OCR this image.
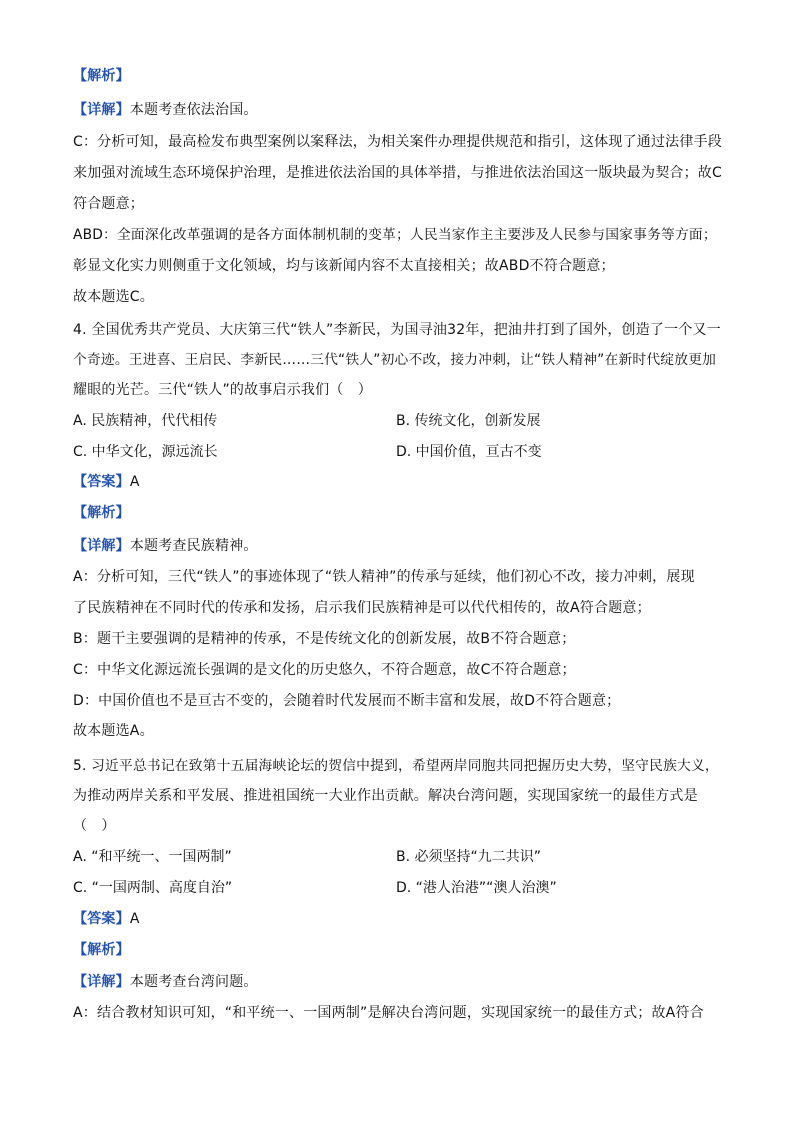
【解析】
【详解】本题考查依法治国。
C：分析可知，最高检发布典型案例以案释法，为相关案件办理提供规范和指引，这体现了通过法律手段
来加强对流域生态环境保护治理，是推进依法治国的具体举措，与推进依法治国这一版块最为契合；故C
符合题意；
ABD：全面深化改革强调的是各方面体制机制的变革；人民当家作主主要涉及人民参与国家事务等方面；
彰显文化实力则侧重于文化领域，均与该新闻内容不太直接相关；故ABD不符合题意；
故本题选C。
4. 全国优秀共产党员、大庆第三代“铁人”李新民，为国寻油32年，把油井打到了国外，创造了一个又一
个奇迹。王进喜、王启民、李新民……三代“铁人”初心不改，接力冲刺，让“铁人精神”在新时代绽放更加
耀眼的光芒。三代“铁人”的故事启示我们（　）
A. 民族精神，代代相传	B. 传统文化，创新发展
C. 中华文化，源远流长	D. 中国价值，亘古不变
【答案】A
【解析】
【详解】本题考查民族精神。
A：分析可知，三代“铁人”的事迹体现了“铁人精神”的传承与延续，他们初心不改，接力冲刺，展现
了民族精神在不同时代的传承和发扬，启示我们民族精神是可以代代相传的，故A符合题意；
B：题干主要强调的是精神的传承，不是传统文化的创新发展，故B不符合题意；
C：中华文化源远流长强调的是文化的历史悠久，不符合题意，故C不符合题意；
D：中国价值也不是亘古不变的，会随着时代发展而不断丰富和发展，故D不符合题意；
故本题选A。
5. 习近平总书记在致第十五届海峡论坛的贺信中提到，希望两岸同胞共同把握历史大势，坚守民族大义，
为推动两岸关系和平发展、推进祖国统一大业作出贡献。解决台湾问题，实现国家统一的最佳方式是
（　）
A. “和平统一、一国两制”	B. 必须坚持“九二共识”
C. “一国两制、高度自治”	D. “港人治港”“澳人治澳”
【答案】A
【解析】
【详解】本题考查台湾问题。
A：结合教材知识可知，“和平统一、一国两制”是解决台湾问题，实现国家统一的最佳方式；故A符合
